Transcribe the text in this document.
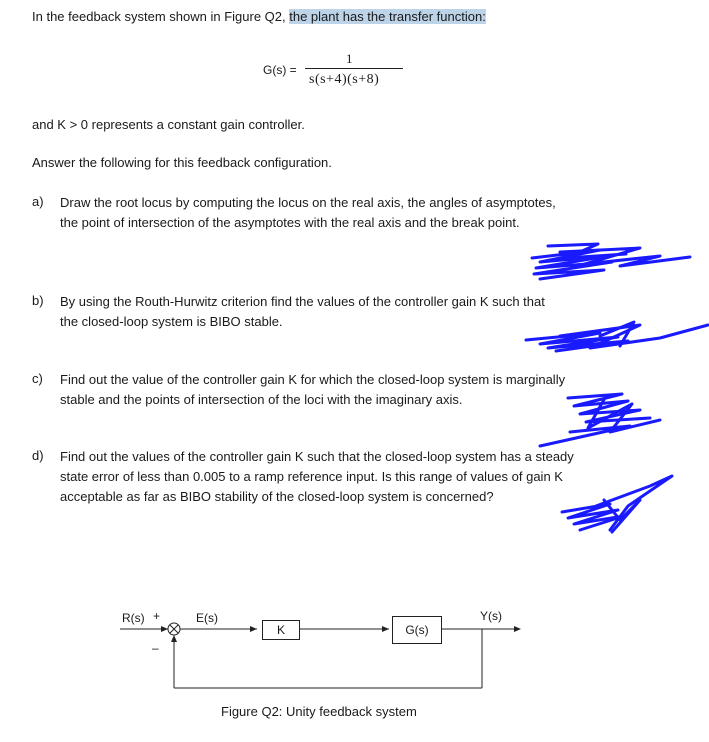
In the feedback system shown in Figure Q2, the plant has the transfer function:
G(s) =
1
s(s+4)(s+8)
and K > 0 represents a constant gain controller.
Answer the following for this feedback configuration.
a) Draw the root locus by computing the locus on the real axis, the angles of asymptotes,
the point of intersection of the asymptotes with the real axis and the break point.
b) By using the Routh-Hurwitz criterion find the values of the controller gain K such that
the closed-loop system is BIBO stable.
c) Find out the value of the controller gain K for which the closed-loop system is marginally
stable and the points of intersection of the loci with the imaginary axis.
d) Find out the values of the controller gain K such that the closed-loop system has a steady
state error of less than 0.005 to a ramp reference input. Is this range of values of gain K
acceptable as far as BIBO stability of the closed-loop system is concerned?
R(s) +
–
E(s)
K	G(s)
Y(s)
Figure Q2: Unity feedback system
